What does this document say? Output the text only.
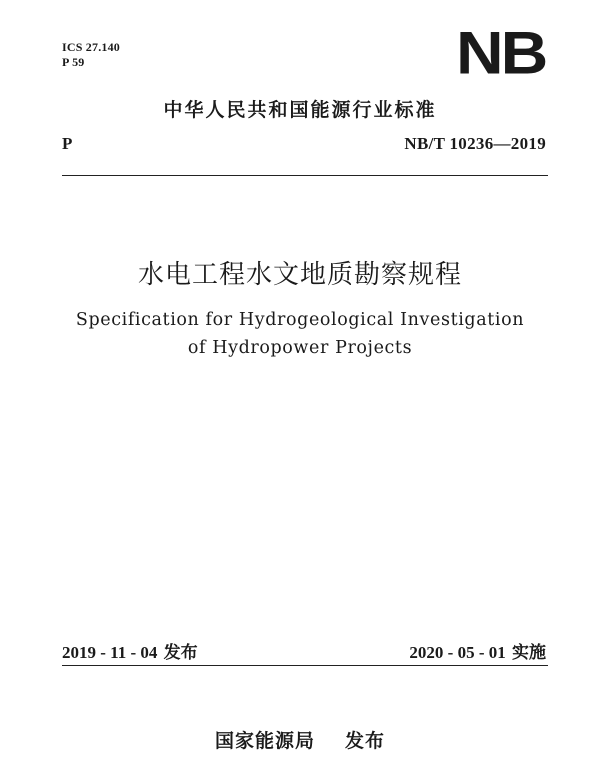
ICS 27.140
P 59	NB
中华人民共和国能源行业标准
P	NB/T 10236—2019
水电工程水文地质勘察规程
Specification for Hydrogeological Investigation
of Hydropower Projects
2019 - 11 - 04 发布	2020 - 05 - 01 实施
国家能源局 发布
